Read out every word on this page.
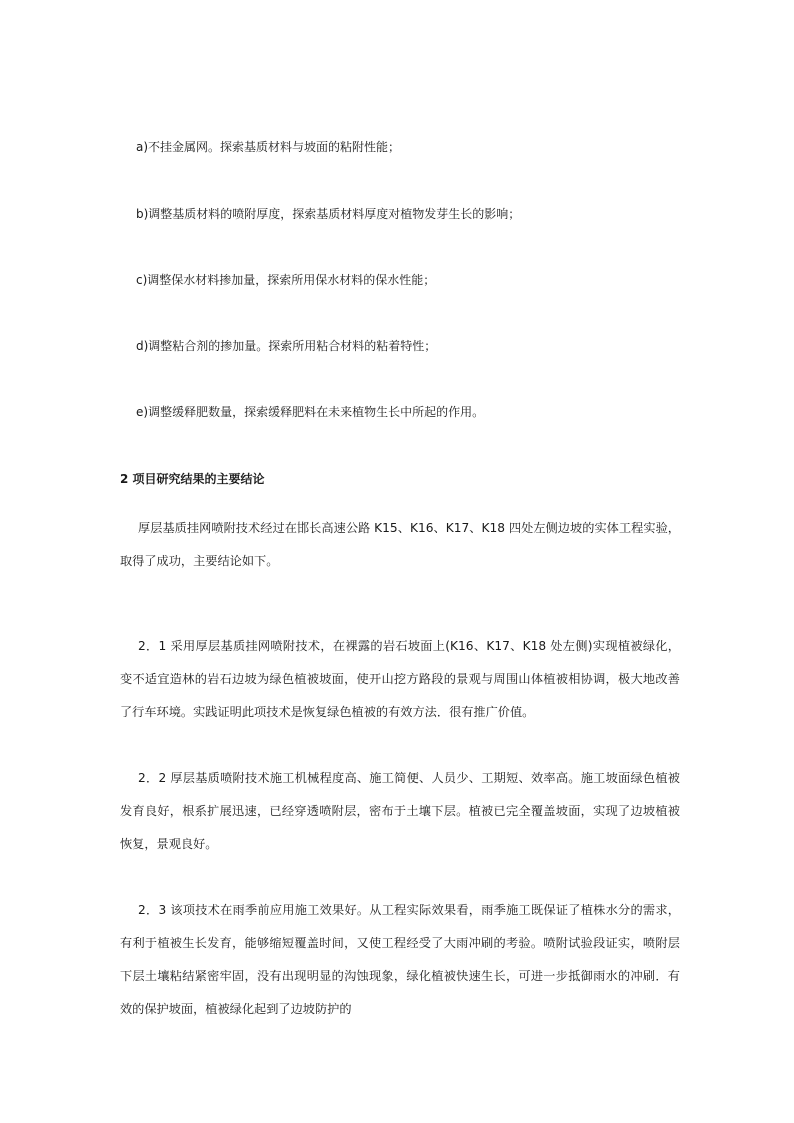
a)不挂金属网。探索基质材料与坡面的粘附性能；
b)调整基质材料的喷附厚度，探索基质材料厚度对植物发芽生长的影响；
c)调整保水材料掺加量，探索所用保水材料的保水性能；
d)调整粘合剂的掺加量。探索所用粘合材料的粘着特性；
e)调整缓释肥数量，探索缓释肥料在未来植物生长中所起的作用。
2 项目研究结果的主要结论

厚层基质挂网喷附技术经过在邯长高速公路 K15、K16、K17、K18 四处左侧边坡的实体工程实验，取得了成功，主要结论如下。

2．1 采用厚层基质挂网喷附技术，在裸露的岩石坡面上(K16、K17、K18 处左侧)实现植被绿化，变不适宜造林的岩石边坡为绿色植被坡面，使开山挖方路段的景观与周围山体植被相协调，极大地改善了行车环境。实践证明此项技术是恢复绿色植被的有效方法．很有推广价值。

2．2 厚层基质喷附技术施工机械程度高、施工简便、人员少、工期短、效率高。施工坡面绿色植被发育良好，根系扩展迅速，已经穿透喷附层，密布于土壤下层。植被已完全覆盖坡面，实现了边坡植被恢复，景观良好。

2．3 该项技术在雨季前应用施工效果好。从工程实际效果看，雨季施工既保证了植株水分的需求，有利于植被生长发育，能够缩短覆盖时间，又使工程经受了大雨冲刷的考验。喷附试验段证实，喷附层下层土壤粘结紧密牢固，没有出现明显的沟蚀现象，绿化植被快速生长，可进一步抵御雨水的冲刷．有效的保护坡面，植被绿化起到了边坡防护的
